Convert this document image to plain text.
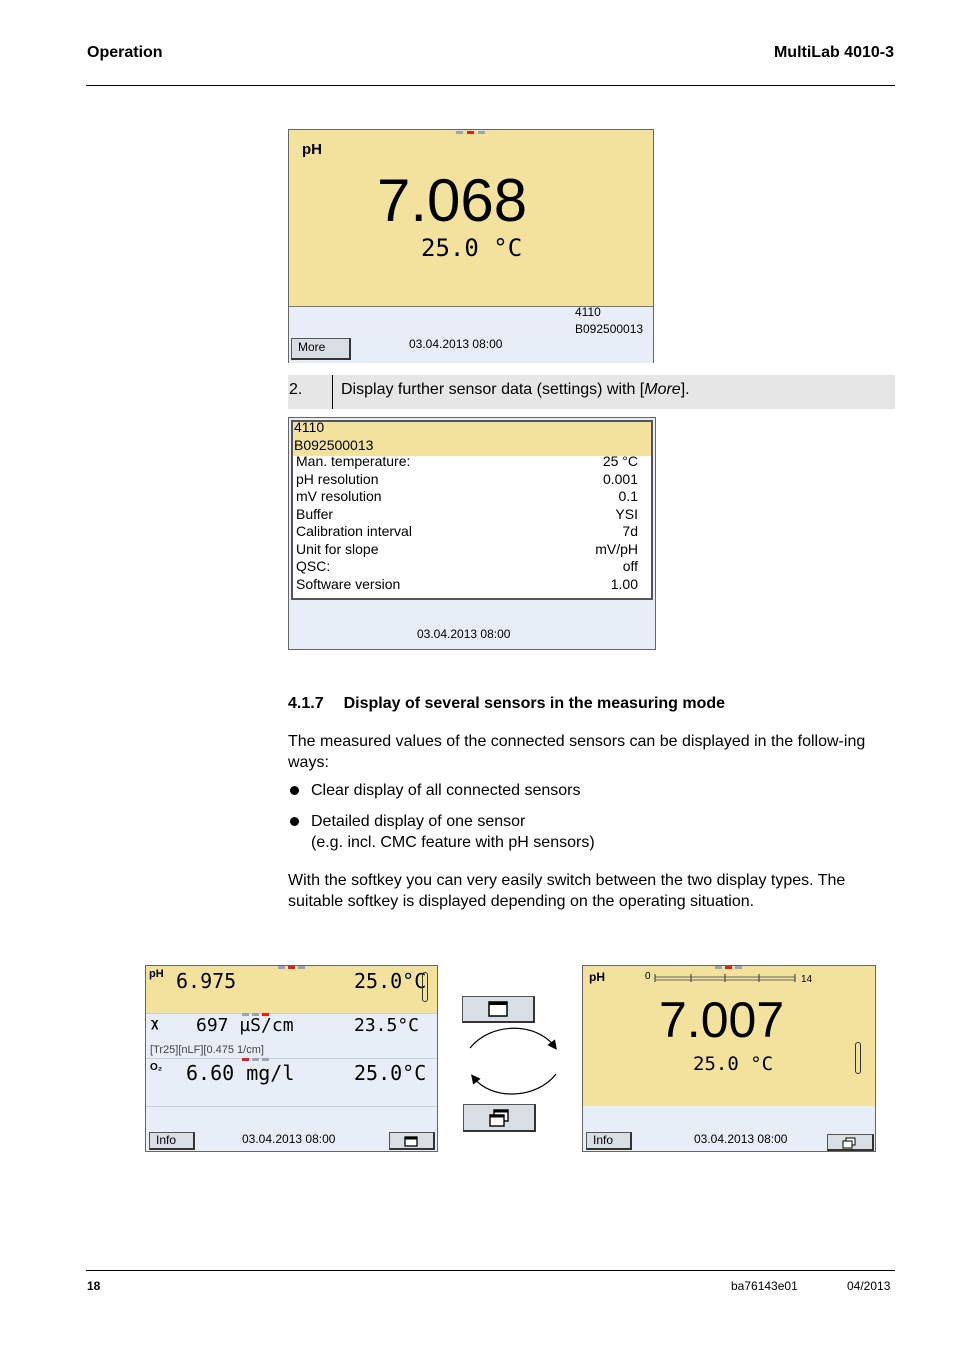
Operation	MultiLab 4010-3
pH
7.068
25.0 °C
4110
B092500013
More	03.04.2013 08:00
2. Display further sensor data (settings) with [More].
4110
B092500013
03.04.2013 08:00
Man. temperature:	25 °C
pH resolution	0.001
mV resolution	0.1
Buffer	YSI
Calibration interval	7d
Unit for slope	mV/pH
QSC:	off
Software version	1.00
4.1.7 Display of several sensors in the measuring mode
The measured values of the connected sensors can be displayed in the follow-ing ways:
Clear display of all connected sensors
Detailed display of one sensor
(e.g. incl. CMC feature with pH sensors)
With the softkey you can very easily switch between the two display types. The
suitable softkey is displayed depending on the operating situation.
pH 6.975	25.0°C
χ 697 µS/cm	23.5°C
[Tr25][nLF][0.475 1/cm]
O₂ 6.60 mg/l	25.0°C
Info	03.04.2013 08:00
pH	0	14
7.007
25.0 °C
Info	03.04.2013 08:00
18	ba76143e01	04/2013
